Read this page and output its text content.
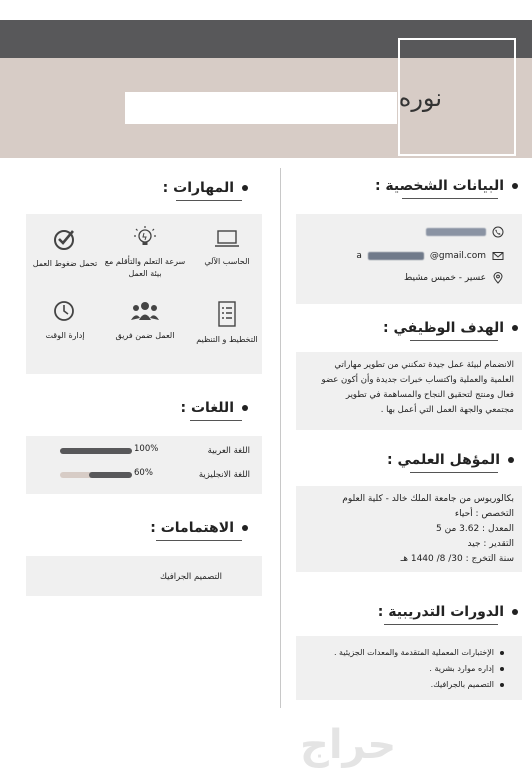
نوره
البيانات الشخصية :
@gmail.com
a
عسير - خميس مشيط
الهدف الوظيفي :
الانضمام لبيئة عمل جيدة تمكنني من تطوير مهاراتي
العلمية والعملية واكتساب خبرات جديدة وأن أكون عضو
فعال ومنتج لتحقيق النجاح والمساهمة في تطوير
مجتمعي والجهة العمل التي أعمل بها .
المؤهل العلمي :
بكالوريوس من جامعة الملك خالد - كلية العلوم
التخصص : أحياء
المعدل : 3.62 من 5
التقدير : جيد
سنة التخرج : 30/ 8/ 1440 هـ
الدورات التدريبية :
الإختبارات المعملية المتقدمة والمعدات الجزيئية .
إداره موارد بشرية .
التصميم بالجرافيك.
المهارات :
الحاسب الآلي
سرعة التعلم والتأقلم مع بيئة العمل
تحمل ضغوط العمل
التخطيط و التنظيم
العمل ضمن فريق
إدارة الوقت
اللغات :
اللغة العربية
100%
اللغة الانجليزية
60%
الاهتمامات :
التصميم الجرافيك
حراج
